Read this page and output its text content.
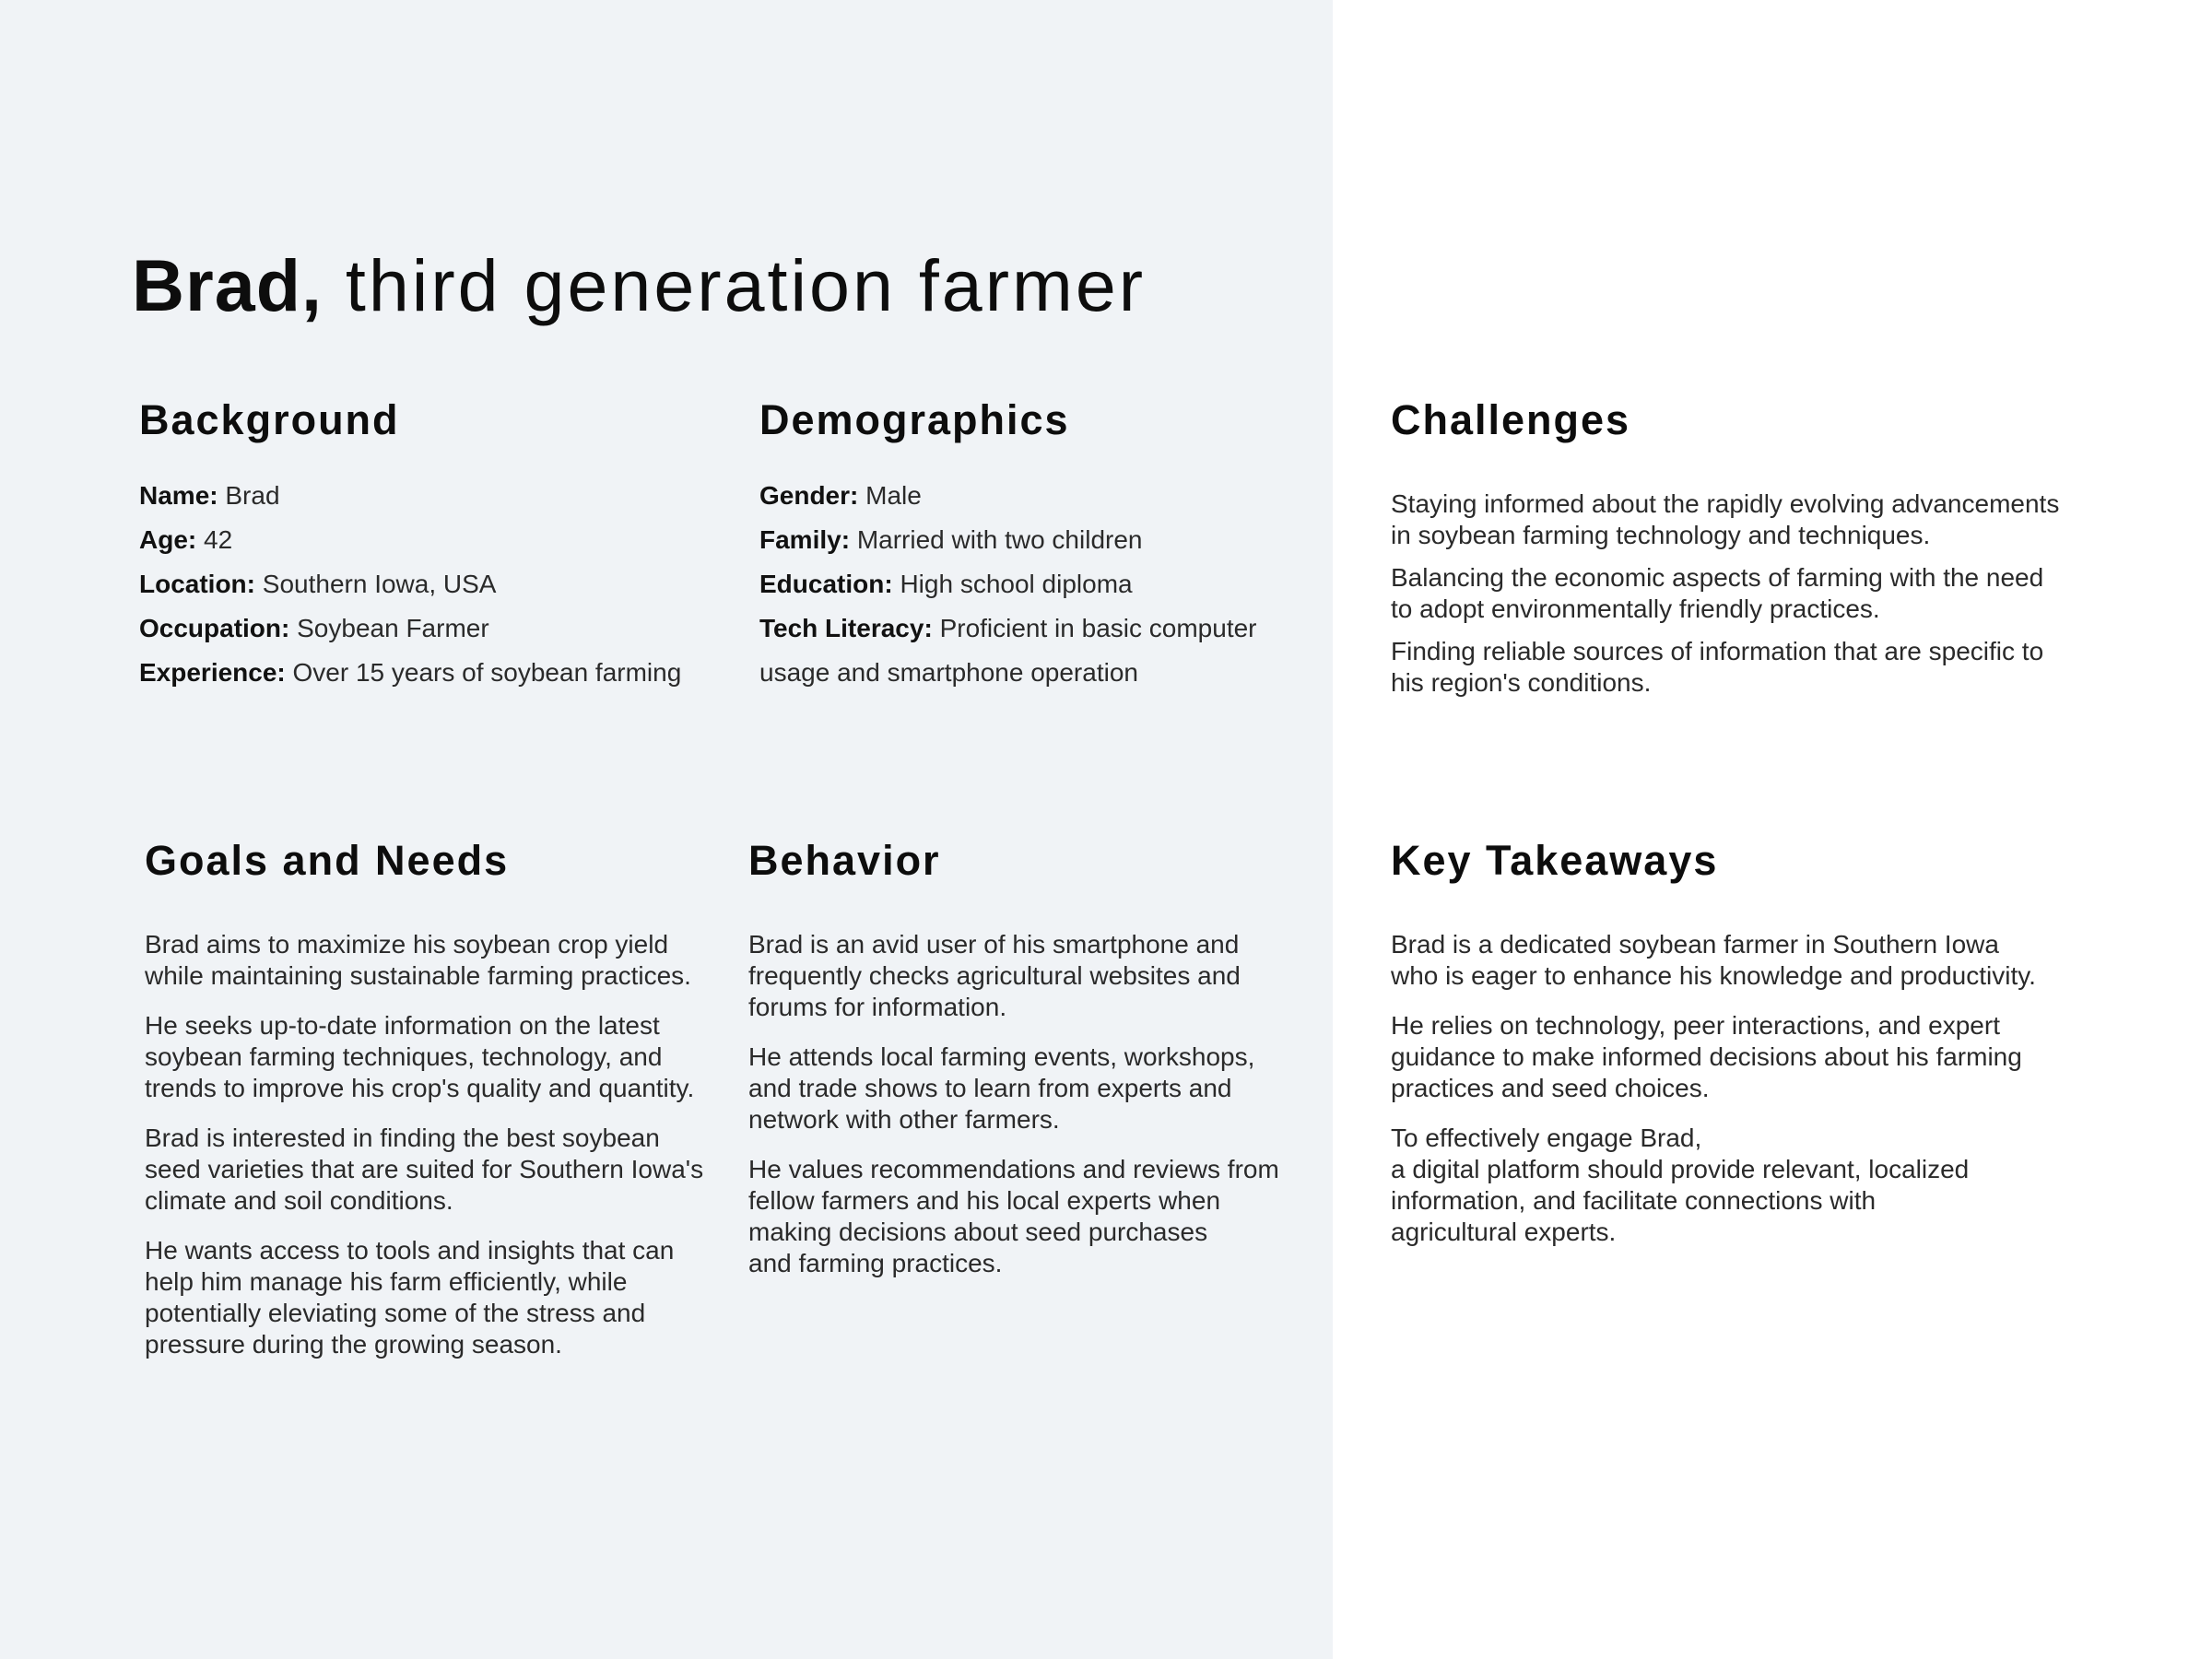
Brad, third generation farmer
Background
Name: Brad
Age: 42
Location: Southern Iowa, USA
Occupation: Soybean Farmer
Experience: Over 15 years of soybean farming
Demographics
Gender: Male
Family: Married with two children
Education: High school diploma
Tech Literacy: Proficient in basic computer
usage and smartphone operation
Challenges

Staying informed about the rapidly evolving advancements
in soybean farming technology and techniques.

Balancing the economic aspects of farming with the need
to adopt environmentally friendly practices.

Finding reliable sources of information that are specific to
his region's conditions.

Goals and Needs

Brad aims to maximize his soybean crop yield
while maintaining sustainable farming practices.

He seeks up-to-date information on the latest
soybean farming techniques, technology, and
trends to improve his crop's quality and quantity.

Brad is interested in finding the best soybean
seed varieties that are suited for Southern Iowa's
climate and soil conditions.

He wants access to tools and insights that can
help him manage his farm efficiently, while
potentially eleviating some of the stress and
pressure during the growing season.

Behavior

Brad is an avid user of his smartphone and
frequently checks agricultural websites and
forums for information.

He attends local farming events, workshops,
and trade shows to learn from experts and
network with other farmers.

He values recommendations and reviews from
fellow farmers and his local experts when
making decisions about seed purchases
and farming practices.

Key Takeaways

Brad is a dedicated soybean farmer in Southern Iowa
who is eager to enhance his knowledge and productivity.

He relies on technology, peer interactions, and expert
guidance to make informed decisions about his farming
practices and seed choices.

To effectively engage Brad,
a digital platform should provide relevant, localized
information, and facilitate connections with
agricultural experts.
